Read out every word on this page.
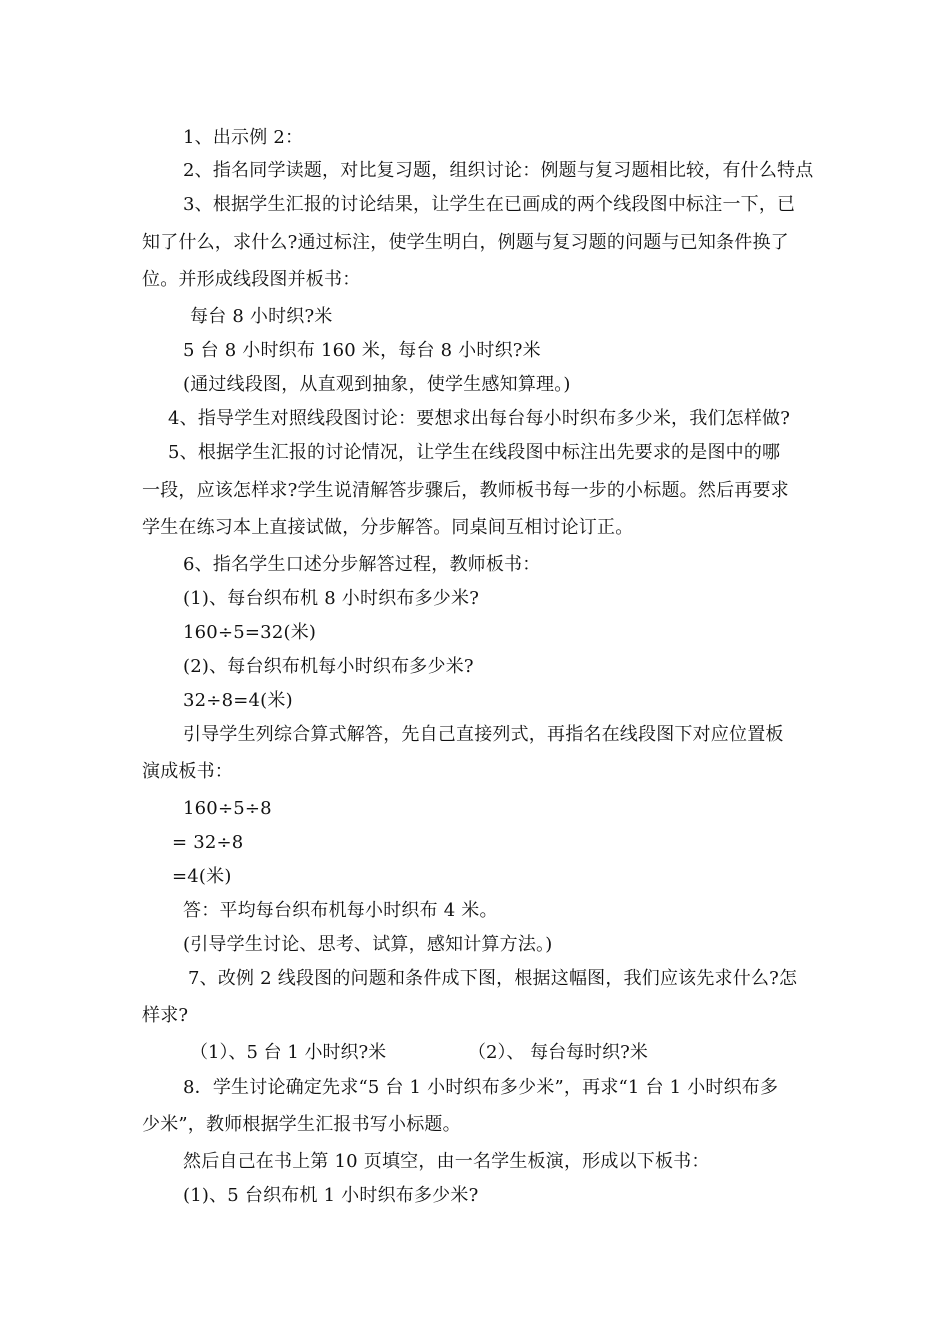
1、出示例 2：

2、指名同学读题，对比复习题，组织讨论：例题与复习题相比较，有什么特点

3、根据学生汇报的讨论结果，让学生在已画成的两个线段图中标注一下，已

知了什么，求什么?通过标注，使学生明白，例题与复习题的问题与已知条件换了

位。并形成线段图并板书：

每台 8 小时织?米

5 台 8 小时织布 160 米，每台 8 小时织?米

(通过线段图，从直观到抽象，使学生感知算理。)

4、指导学生对照线段图讨论：要想求出每台每小时织布多少米，我们怎样做?

5、根据学生汇报的讨论情况，让学生在线段图中标注出先要求的是图中的哪

一段，应该怎样求?学生说清解答步骤后，教师板书每一步的小标题。然后再要求

学生在练习本上直接试做，分步解答。同桌间互相讨论订正。

6、指名学生口述分步解答过程，教师板书：

(1)、每台织布机 8 小时织布多少米?

160÷5=32(米)

(2)、每台织布机每小时织布多少米?

32÷8=4(米)

引导学生列综合算式解答，先自己直接列式，再指名在线段图下对应位置板

演成板书：

160÷5÷8

= 32÷8

=4(米)

答：平均每台织布机每小时织布 4 米。

(引导学生讨论、思考、试算，感知计算方法。)

7、改例 2 线段图的问题和条件成下图，根据这幅图，我们应该先求什么?怎

样求?

（1）、5 台 1 小时织?米	（2）、 每台每时织?米

8．学生讨论确定先求“5 台 1 小时织布多少米”，再求“1 台 1 小时织布多

少米”，教师根据学生汇报书写小标题。

然后自己在书上第 10 页填空，由一名学生板演，形成以下板书：

(1)、5 台织布机 1 小时织布多少米?
